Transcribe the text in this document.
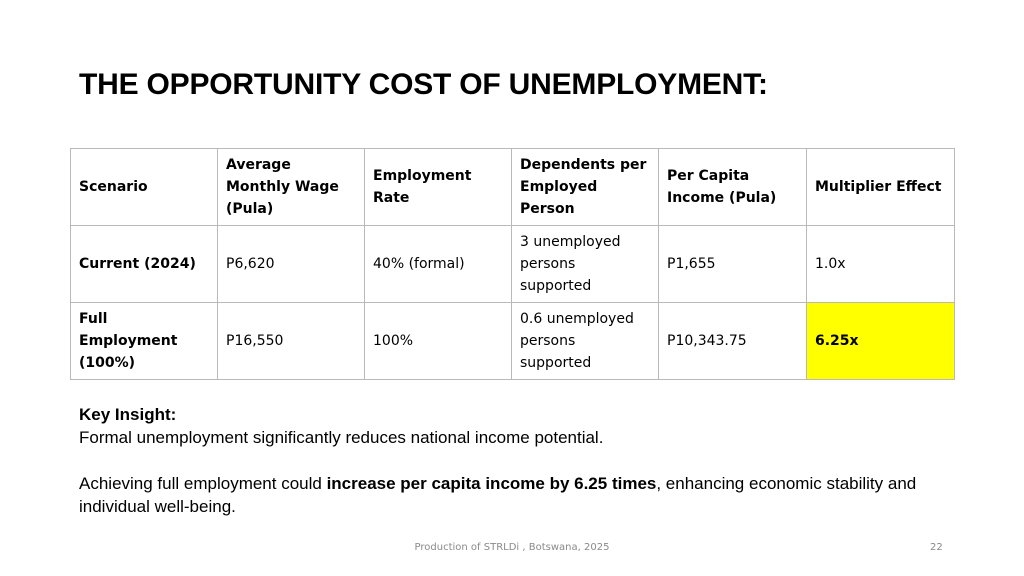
THE OPPORTUNITY COST OF UNEMPLOYMENT:
Scenario	Average Monthly Wage (Pula)	Employment Rate	Dependents per Employed Person	Per Capita Income (Pula)	Multiplier Effect
Current (2024)	P6,620	40% (formal)	3 unemployed persons supported	P1,655	1.0x
Full Employment (100%)	P16,550	100%	0.6 unemployed persons supported	P10,343.75	6.25x

Key Insight:

Formal unemployment significantly reduces national income potential.

Achieving full employment could increase per capita income by 6.25 times, enhancing economic stability and individual well-being.

Production of STRLDi , Botswana, 2025	22
